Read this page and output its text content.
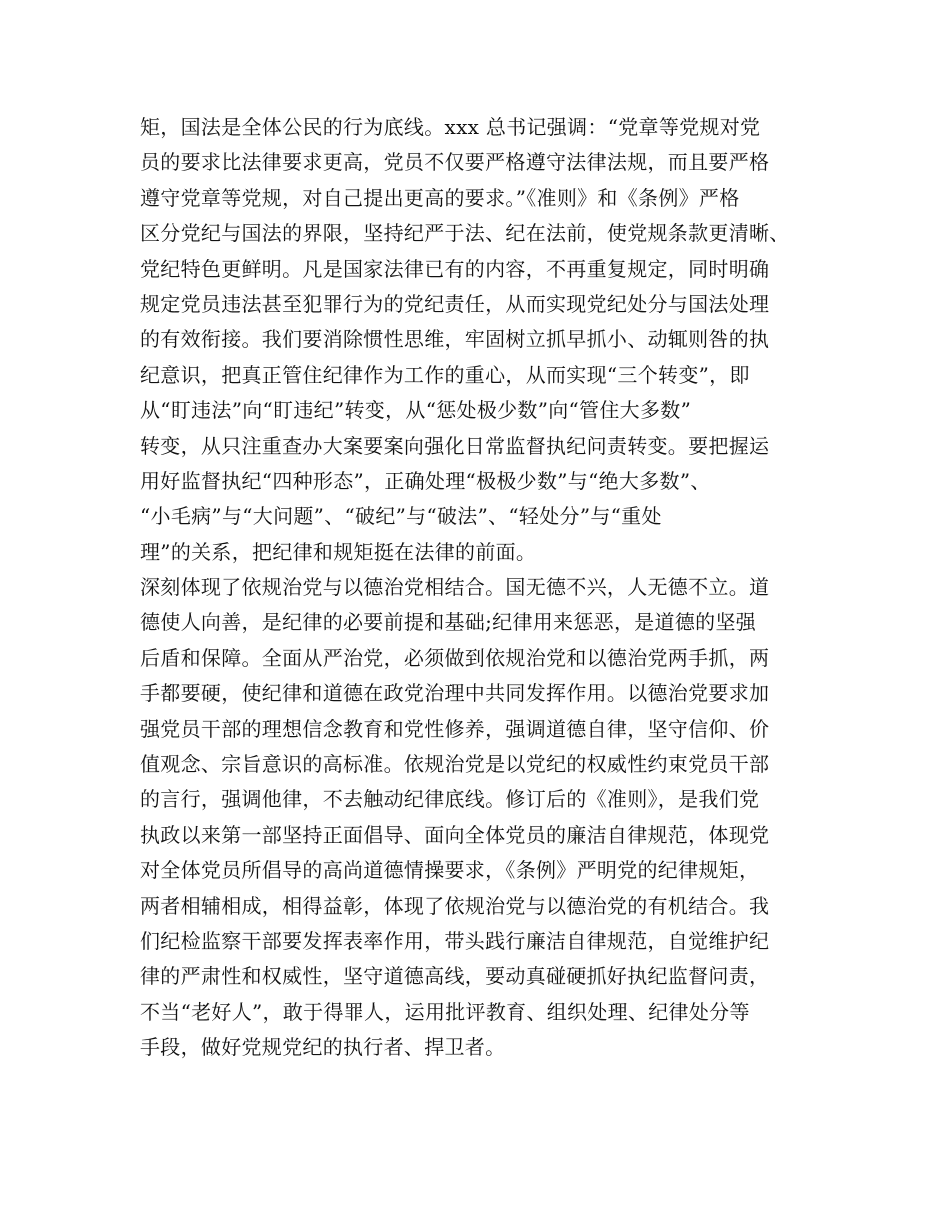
矩，国法是全体公民的行为底线。xxx 总书记强调：“党章等党规对党
员的要求比法律要求更高，党员不仅要严格遵守法律法规，而且要严格
遵守党章等党规，对自己提出更高的要求。”《准则》和《条例》严格
区分党纪与国法的界限，坚持纪严于法、纪在法前，使党规条款更清晰、
党纪特色更鲜明。凡是国家法律已有的内容，不再重复规定，同时明确
规定党员违法甚至犯罪行为的党纪责任，从而实现党纪处分与国法处理
的有效衔接。我们要消除惯性思维，牢固树立抓早抓小、动辄则咎的执
纪意识，把真正管住纪律作为工作的重心，从而实现“三个转变”，即
从“盯违法”向“盯违纪”转变，从“惩处极少数”向“管住大多数”
转变，从只注重查办大案要案向强化日常监督执纪问责转变。要把握运
用好监督执纪“四种形态”，正确处理“极极少数”与“绝大多数”、
“小毛病”与“大问题”、“破纪”与“破法”、“轻处分”与“重处
理”的关系，把纪律和规矩挺在法律的前面。
深刻体现了依规治党与以德治党相结合。国无德不兴，人无德不立。道
德使人向善，是纪律的必要前提和基础;纪律用来惩恶，是道德的坚强
后盾和保障。全面从严治党，必须做到依规治党和以德治党两手抓，两
手都要硬，使纪律和道德在政党治理中共同发挥作用。以德治党要求加
强党员干部的理想信念教育和党性修养，强调道德自律，坚守信仰、价
值观念、宗旨意识的高标准。依规治党是以党纪的权威性约束党员干部
的言行，强调他律，不去触动纪律底线。修订后的《准则》，是我们党
执政以来第一部坚持正面倡导、面向全体党员的廉洁自律规范，体现党
对全体党员所倡导的高尚道德情操要求，《条例》严明党的纪律规矩，
两者相辅相成，相得益彰，体现了依规治党与以德治党的有机结合。我
们纪检监察干部要发挥表率作用，带头践行廉洁自律规范，自觉维护纪
律的严肃性和权威性，坚守道德高线，要动真碰硬抓好执纪监督问责，
不当“老好人”，敢于得罪人，运用批评教育、组织处理、纪律处分等
手段，做好党规党纪的执行者、捍卫者。
